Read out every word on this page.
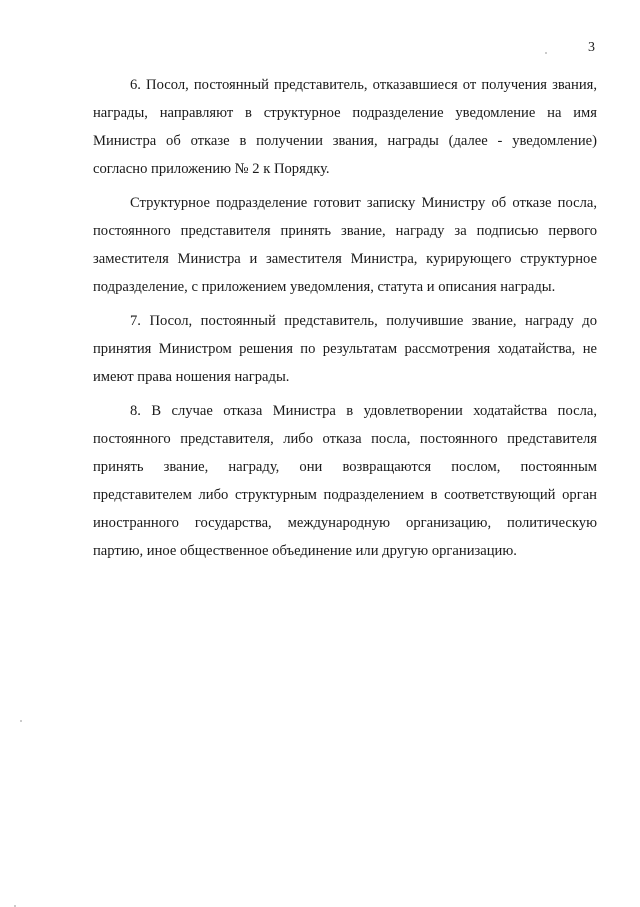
3

6. Посол, постоянный представитель, отказавшиеся от получения звания, награды, направляют в структурное подразделение уведомление на имя Министра об отказе в получении звания, награды (далее - уведомление) согласно приложению № 2 к Порядку.

Структурное подразделение готовит записку Министру об отказе посла, постоянного представителя принять звание, награду за подписью первого заместителя Министра и заместителя Министра, курирующего структурное подразделение, с приложением уведомления, статута и описания награды.

7. Посол, постоянный представитель, получившие звание, награду до принятия Министром решения по результатам рассмотрения ходатайства, не имеют права ношения награды.

8. В случае отказа Министра в удовлетворении ходатайства посла, постоянного представителя, либо отказа посла, постоянного представителя принять звание, награду, они возвращаются послом, постоянным представителем либо структурным подразделением в соответствующий орган иностранного государства, международную организацию, политическую партию, иное общественное объединение или другую организацию.
